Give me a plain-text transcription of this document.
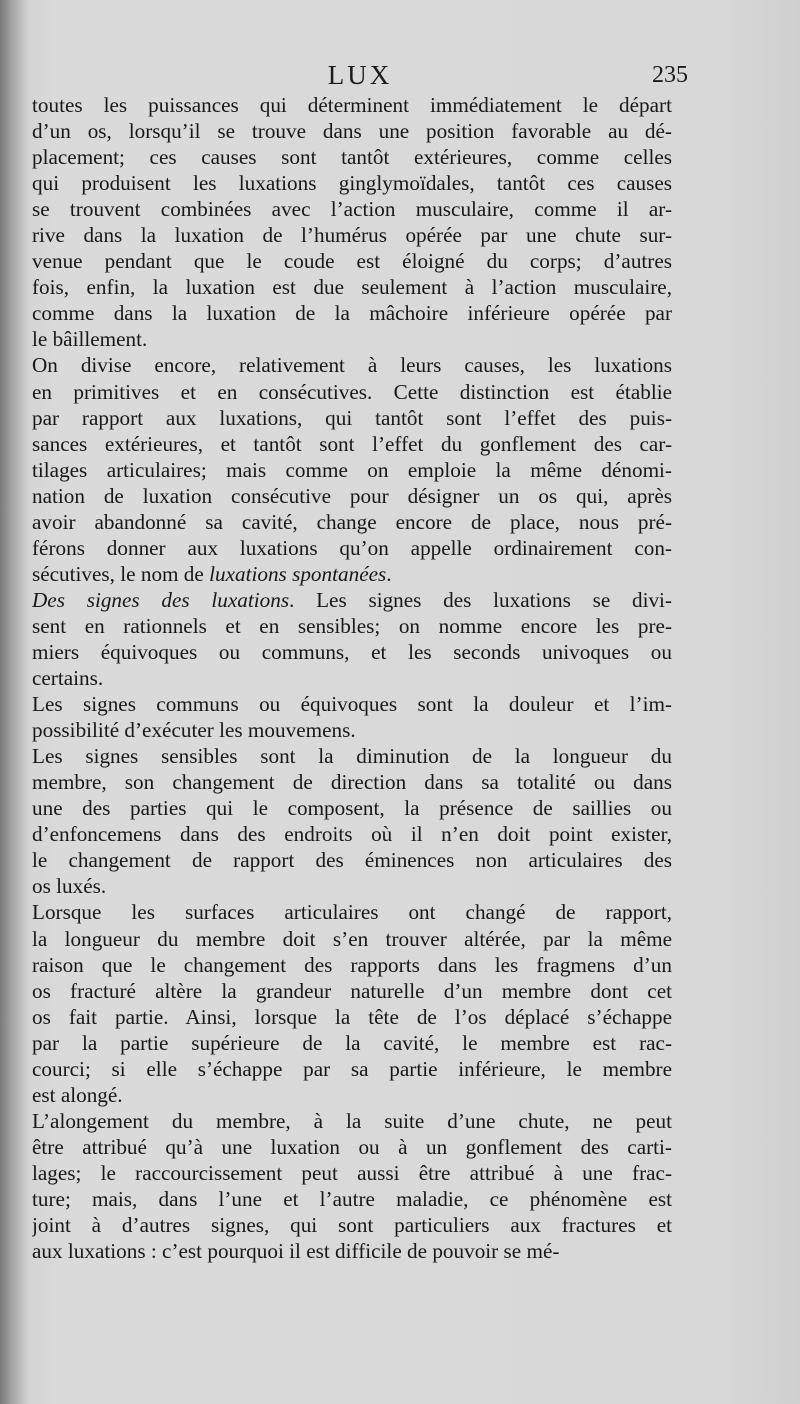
LUX	235
toutes les puissances qui déterminent immédiatement le départ
d’un os, lorsqu’il se trouve dans une position favorable au dé-
placement; ces causes sont tantôt extérieures, comme celles
qui produisent les luxations ginglymoïdales, tantôt ces causes
se trouvent combinées avec l’action musculaire, comme il ar-
rive dans la luxation de l’humérus opérée par une chute sur-
venue pendant que le coude est éloigné du corps; d’autres
fois, enfin, la luxation est due seulement à l’action musculaire,
comme dans la luxation de la mâchoire inférieure opérée par
le bâillement.
On divise encore, relativement à leurs causes, les luxations
en primitives et en consécutives. Cette distinction est établie
par rapport aux luxations, qui tantôt sont l’effet des puis-
sances extérieures, et tantôt sont l’effet du gonflement des car-
tilages articulaires; mais comme on emploie la même dénomi-
nation de luxation consécutive pour désigner un os qui, après
avoir abandonné sa cavité, change encore de place, nous pré-
férons donner aux luxations qu’on appelle ordinairement con-
sécutives, le nom de luxations spontanées.
Des signes des luxations. Les signes des luxations se divi-
sent en rationnels et en sensibles; on nomme encore les pre-
miers équivoques ou communs, et les seconds univoques ou
certains.
Les signes communs ou équivoques sont la douleur et l’im-
possibilité d’exécuter les mouvemens.
Les signes sensibles sont la diminution de la longueur du
membre, son changement de direction dans sa totalité ou dans
une des parties qui le composent, la présence de saillies ou
d’enfoncemens dans des endroits où il n’en doit point exister,
le changement de rapport des éminences non articulaires des
os luxés.
Lorsque les surfaces articulaires ont changé de rapport,
la longueur du membre doit s’en trouver altérée, par la même
raison que le changement des rapports dans les fragmens d’un
os fracturé altère la grandeur naturelle d’un membre dont cet
os fait partie. Ainsi, lorsque la tête de l’os déplacé s’échappe
par la partie supérieure de la cavité, le membre est rac-
courci; si elle s’échappe par sa partie inférieure, le membre
est alongé.
L’alongement du membre, à la suite d’une chute, ne peut
être attribué qu’à une luxation ou à un gonflement des carti-
lages; le raccourcissement peut aussi être attribué à une frac-
ture; mais, dans l’une et l’autre maladie, ce phénomène est
joint à d’autres signes, qui sont particuliers aux fractures et
aux luxations : c’est pourquoi il est difficile de pouvoir se mé-
